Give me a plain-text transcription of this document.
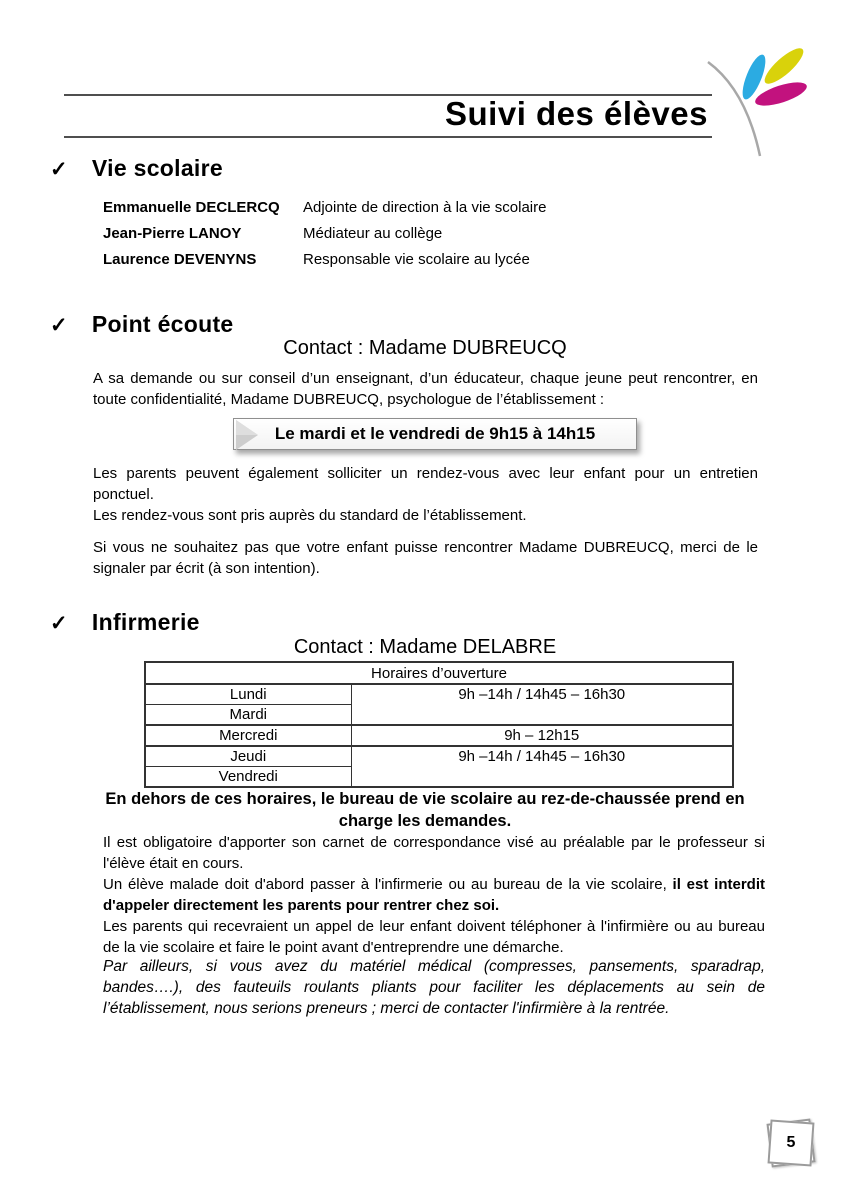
Suivi des élèves
✓ Vie scolaire
Emmanuelle DECLERCQ	Adjointe de direction à la vie scolaire
Jean-Pierre LANOY	Médiateur au collège
Laurence DEVENYNS	Responsable vie scolaire au lycée
✓ Point écoute
Contact : Madame DUBREUCQ

A sa demande ou sur conseil d’un enseignant, d’un éducateur, chaque jeune peut rencontrer, en toute confidentialité, Madame DUBREUCQ, psychologue de l’établissement :

Le mardi et le vendredi de 9h15 à 14h15

Les parents peuvent également solliciter un rendez-vous avec leur enfant pour un entretien ponctuel.

Les rendez-vous sont pris auprès du standard de l’établissement.

Si vous ne souhaitez pas que votre enfant puisse rencontrer Madame DUBREUCQ, merci de le signaler par écrit (à son intention).

✓ Infirmerie
Contact : Madame DELABRE
Horaires d’ouverture	
Lundi	9h –14h / 14h45 – 16h30
Mardi	
Mercredi	9h – 12h15
Jeudi	9h –14h / 14h45 – 16h30
Vendredi	
En dehors de ces horaires, le bureau de vie scolaire au rez-de-chaussée prend en charge les demandes.

Il est obligatoire d'apporter son carnet de correspondance visé au préalable par le professeur si l'élève était en cours.

Un élève malade doit d'abord passer à l'infirmerie ou au bureau de la vie scolaire, il est interdit d'appeler directement les parents pour rentrer chez soi.

Les parents qui recevraient un appel de leur enfant doivent téléphoner à l'infirmière ou au bureau de la vie scolaire et faire le point avant d'entreprendre une démarche.

Par ailleurs, si vous avez du matériel médical (compresses, pansements, sparadrap, bandes….), des fauteuils roulants pliants pour faciliter les déplacements au sein de l’établissement, nous serions preneurs ; merci de contacter l'infirmière à la rentrée.

5
